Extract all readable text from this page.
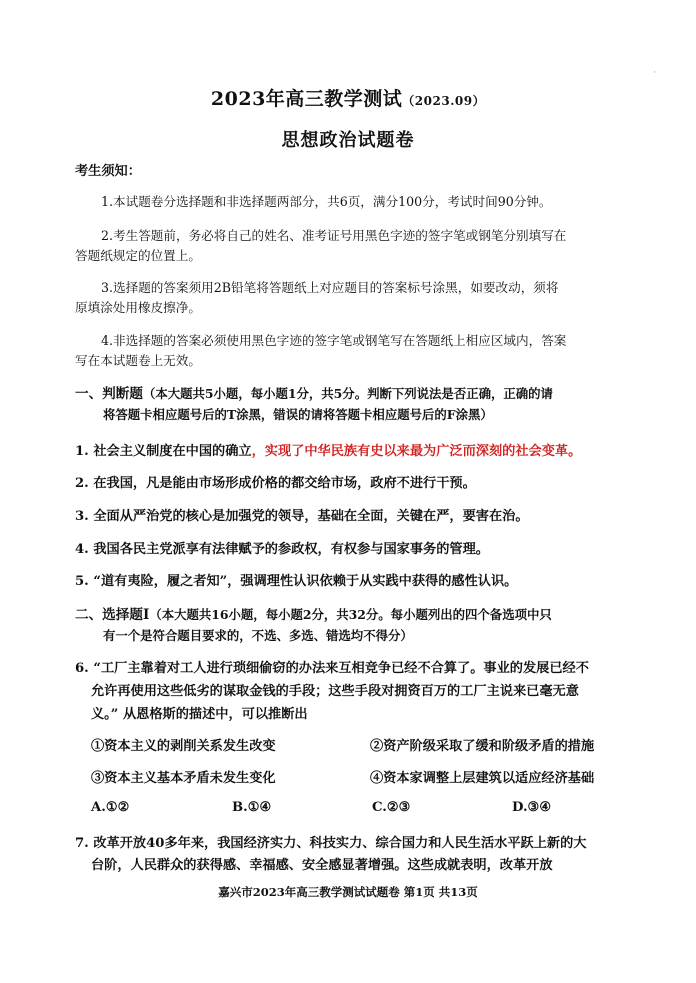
·
2023年高三教学测试（2023.09）
思想政治试题卷
考生须知：
1.本试题卷分选择题和非选择题两部分，共6页，满分100分，考试时间90分钟。
2.考生答题前，务必将自己的姓名、准考证号用黑色字迹的签字笔或钢笔分别填写在
答题纸规定的位置上。
3.选择题的答案须用2B铅笔将答题纸上对应题目的答案标号涂黑，如要改动，须将
原填涂处用橡皮擦净。
4.非选择题的答案必须使用黑色字迹的签字笔或钢笔写在答题纸上相应区域内，答案
写在本试题卷上无效。
一、判断题（本大题共5小题，每小题1分，共5分。判断下列说法是否正确，正确的请
将答题卡相应题号后的T涂黑，错误的请将答题卡相应题号后的F涂黑）
1. 社会主义制度在中国的确立，实现了中华民族有史以来最为广泛而深刻的社会变革。
2. 在我国，凡是能由市场形成价格的都交给市场，政府不进行干预。
3. 全面从严治党的核心是加强党的领导，基础在全面，关键在严，要害在治。
4. 我国各民主党派享有法律赋予的参政权，有权参与国家事务的管理。
5. “道有夷险，履之者知”，强调理性认识依赖于从实践中获得的感性认识。
二、选择题Ⅰ（本大题共16小题，每小题2分，共32分。每小题列出的四个备选项中只
有一个是符合题目要求的，不选、多选、错选均不得分）
6. “工厂主靠着对工人进行琐细偷窃的办法来互相竞争已经不合算了。事业的发展已经不
允许再使用这些低劣的谋取金钱的手段；这些手段对拥资百万的工厂主说来已毫无意
义。” 从恩格斯的描述中，可以推断出
①资本主义的剥削关系发生改变	②资产阶级采取了缓和阶级矛盾的措施
③资本主义基本矛盾未发生变化	④资本家调整上层建筑以适应经济基础
A.①②	B.①④	C.②③	D.③④
7. 改革开放40多年来，我国经济实力、科技实力、综合国力和人民生活水平跃上新的大
台阶，人民群众的获得感、幸福感、安全感显著增强。这些成就表明，改革开放
嘉兴市2023年高三教学测试试题卷 第1页 共13页
